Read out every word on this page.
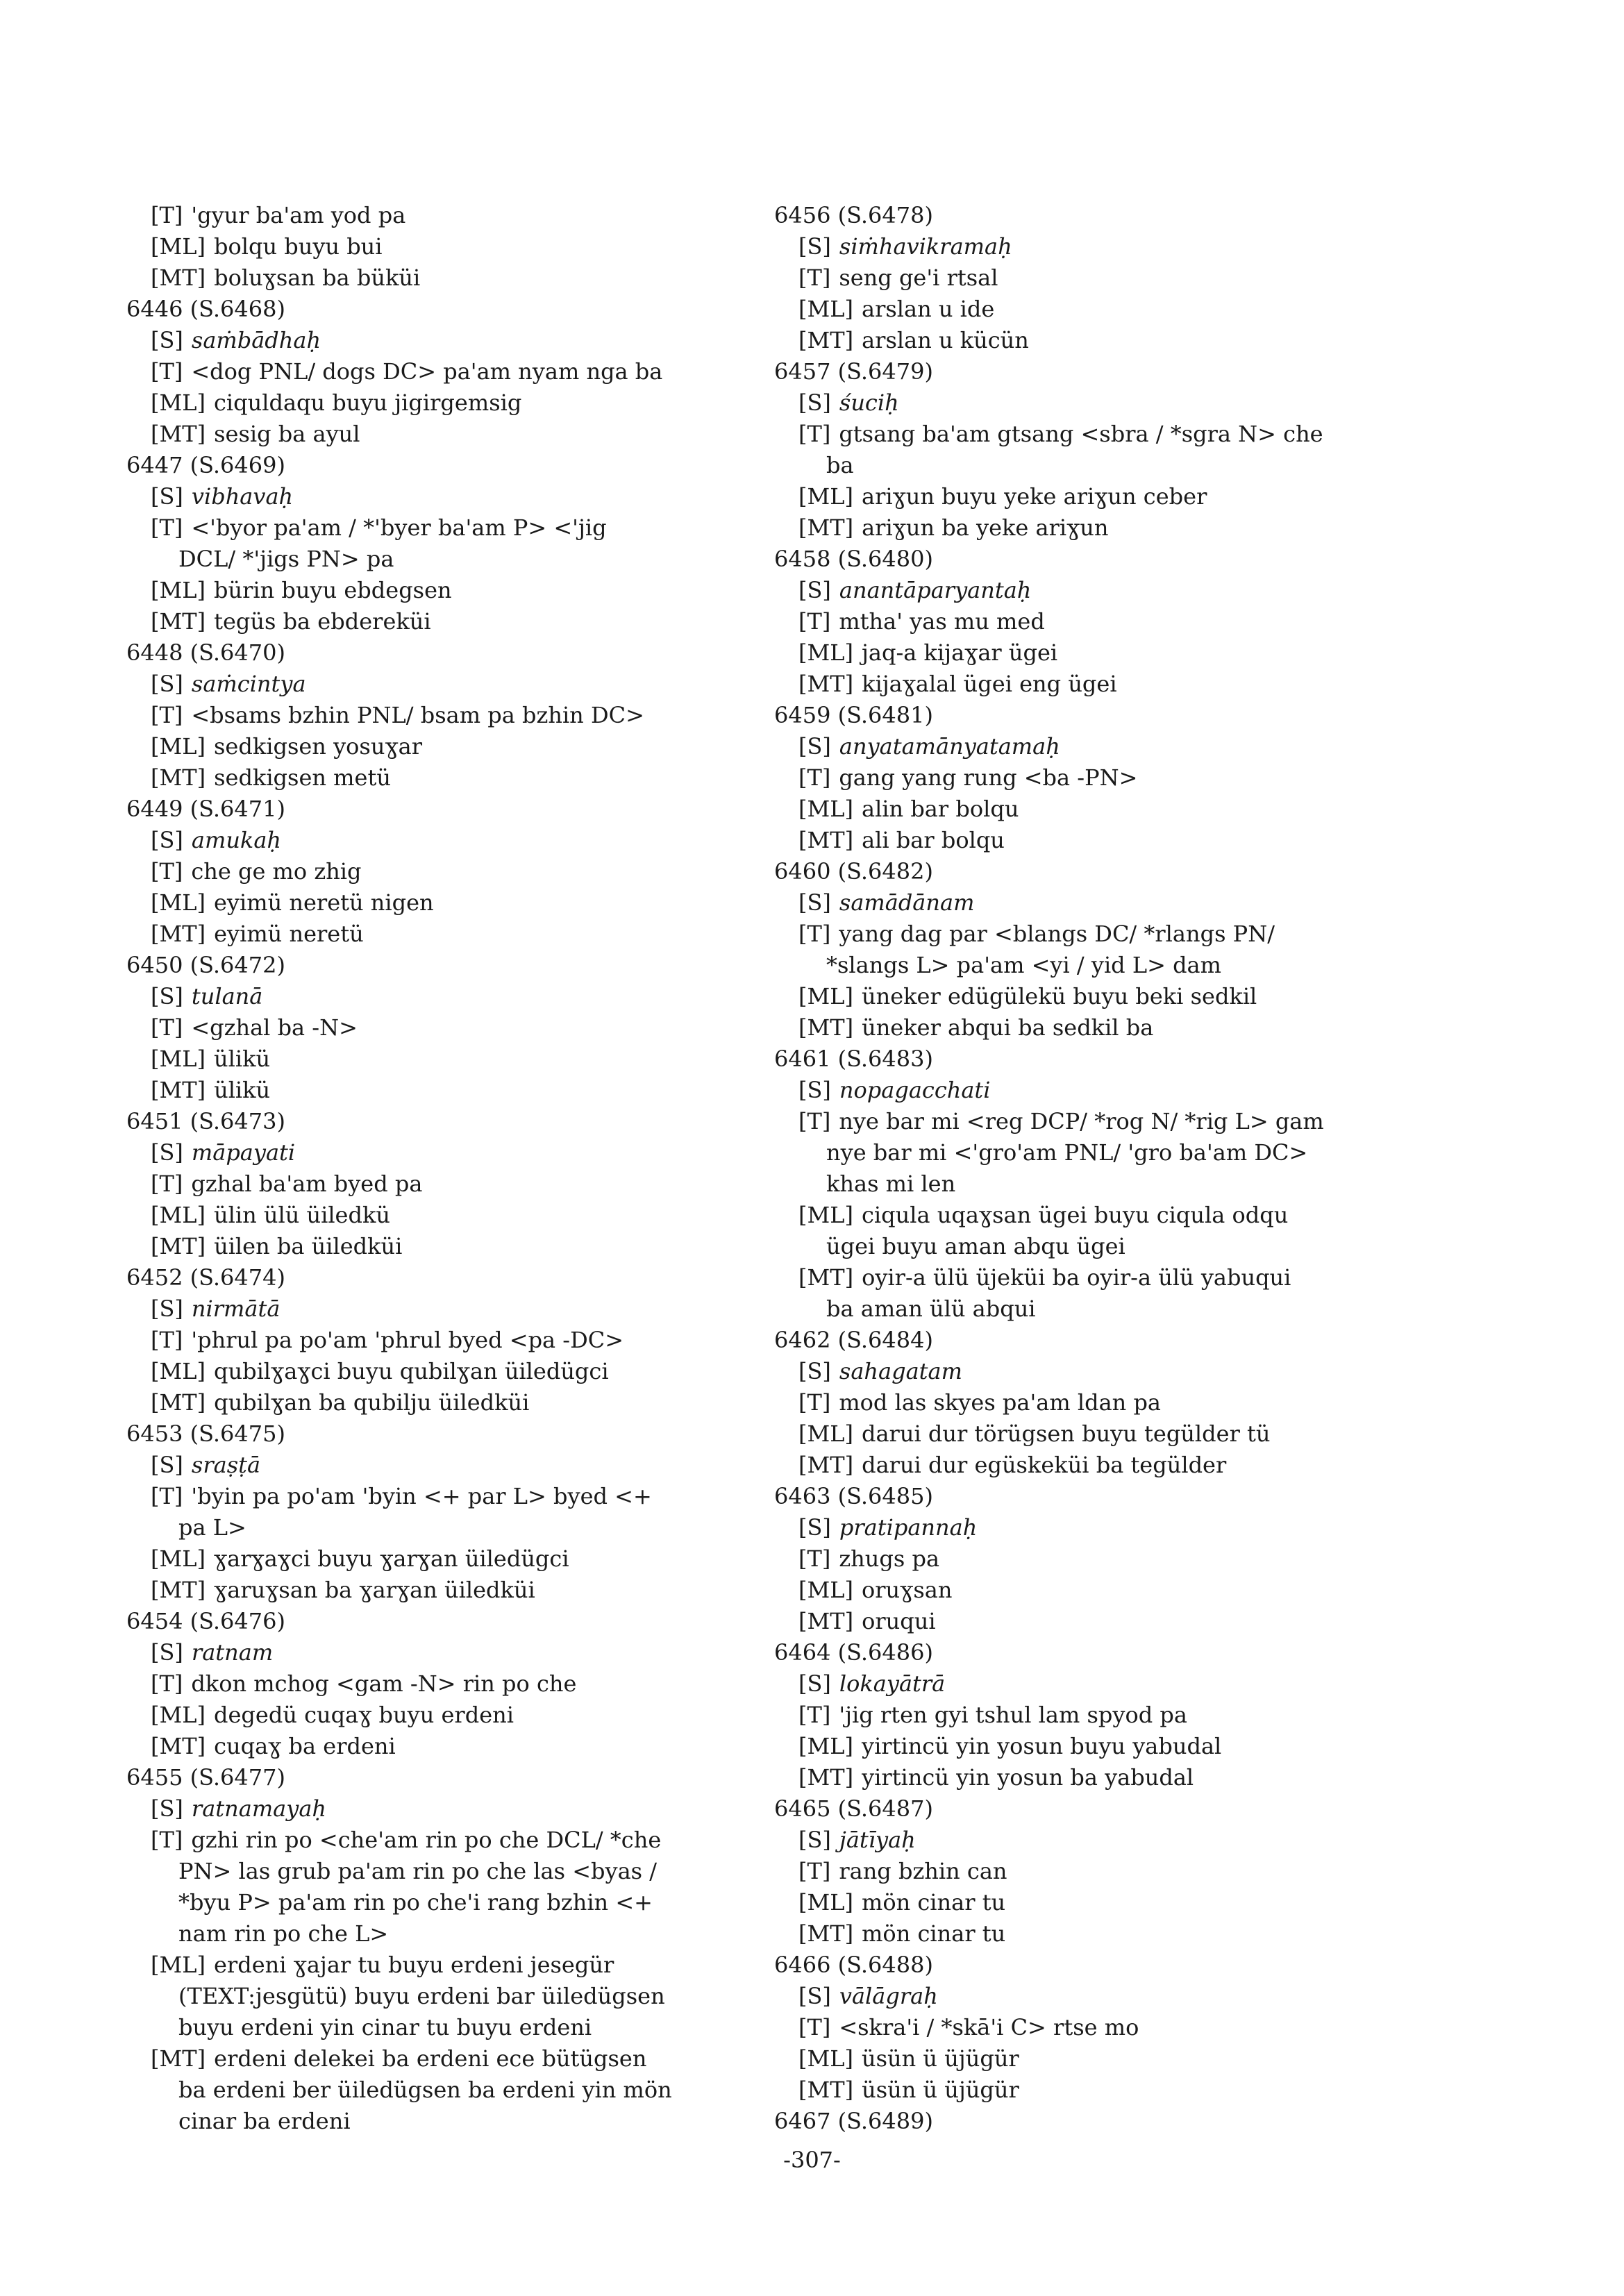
[T] 'gyur ba'am yod pa
[ML] bolqu buyu bui
[MT] boluɣsan ba büküi
6446 (S.6468)
[S] saṁbādhaḥ
[T] <dog PNL/ dogs DC> pa'am nyam nga ba
[ML] ciquldaqu buyu jigirgemsig
[MT] sesig ba ayul
6447 (S.6469)
[S] vibhavaḥ
[T] <'byor pa'am / *'byer ba'am P> <'jig
DCL/ *'jigs PN> pa
[ML] bürin buyu ebdegsen
[MT] tegüs ba ebdereküi
6448 (S.6470)
[S] saṁcintya
[T] <bsams bzhin PNL/ bsam pa bzhin DC>
[ML] sedkigsen yosuɣar
[MT] sedkigsen metü
6449 (S.6471)
[S] amukaḥ
[T] che ge mo zhig
[ML] eyimü neretü nigen
[MT] eyimü neretü
6450 (S.6472)
[S] tulanā
[T] <gzhal ba -N>
[ML] ülikü
[MT] ülikü
6451 (S.6473)
[S] māpayati
[T] gzhal ba'am byed pa
[ML] ülin ülü üiledkü
[MT] üilen ba üiledküi
6452 (S.6474)
[S] nirmātā
[T] 'phrul pa po'am 'phrul byed <pa -DC>
[ML] qubilɣaɣci buyu qubilɣan üiledügci
[MT] qubilɣan ba qubilju üiledküi
6453 (S.6475)
[S] sraṣṭā
[T] 'byin pa po'am 'byin <+ par L> byed <+
pa L>
[ML] ɣarɣaɣci buyu ɣarɣan üiledügci
[MT] ɣaruɣsan ba ɣarɣan üiledküi
6454 (S.6476)
[S] ratnam
[T] dkon mchog <gam -N> rin po che
[ML] degedü cuqaɣ buyu erdeni
[MT] cuqaɣ ba erdeni
6455 (S.6477)
[S] ratnamayaḥ
[T] gzhi rin po <che'am rin po che DCL/ *che
PN> las grub pa'am rin po che las <byas /
*byu P> pa'am rin po che'i rang bzhin <+
nam rin po che L>
[ML] erdeni ɣajar tu buyu erdeni jesegür
(TEXT:jesgütü) buyu erdeni bar üiledügsen
buyu erdeni yin cinar tu buyu erdeni
[MT] erdeni delekei ba erdeni ece bütügsen
ba erdeni ber üiledügsen ba erdeni yin mön
cinar ba erdeni
6456 (S.6478)
[S] siṁhavikramaḥ
[T] seng ge'i rtsal
[ML] arslan u ide
[MT] arslan u kücün
6457 (S.6479)
[S] śuciḥ
[T] gtsang ba'am gtsang <sbra / *sgra N> che
ba
[ML] ariɣun buyu yeke ariɣun ceber
[MT] ariɣun ba yeke ariɣun
6458 (S.6480)
[S] anantāparyantaḥ
[T] mtha' yas mu med
[ML] jaq-a kijaɣar ügei
[MT] kijaɣalal ügei eng ügei
6459 (S.6481)
[S] anyatamānyatamaḥ
[T] gang yang rung <ba -PN>
[ML] alin bar bolqu
[MT] ali bar bolqu
6460 (S.6482)
[S] samādānam
[T] yang dag par <blangs DC/ *rlangs PN/
*slangs L> pa'am <yi / yid L> dam
[ML] üneker edügülekü buyu beki sedkil
[MT] üneker abqui ba sedkil ba
6461 (S.6483)
[S] nopagacchati
[T] nye bar mi <reg DCP/ *rog N/ *rig L> gam
nye bar mi <'gro'am PNL/ 'gro ba'am DC>
khas mi len
[ML] ciqula uqaɣsan ügei buyu ciqula odqu
ügei buyu aman abqu ügei
[MT] oyir-a ülü üjeküi ba oyir-a ülü yabuqui
ba aman ülü abqui
6462 (S.6484)
[S] sahagatam
[T] mod las skyes pa'am ldan pa
[ML] darui dur törügsen buyu tegülder tü
[MT] darui dur egüskeküi ba tegülder
6463 (S.6485)
[S] pratipannaḥ
[T] zhugs pa
[ML] oruɣsan
[MT] oruqui
6464 (S.6486)
[S] lokayātrā
[T] 'jig rten gyi tshul lam spyod pa
[ML] yirtincü yin yosun buyu yabudal
[MT] yirtincü yin yosun ba yabudal
6465 (S.6487)
[S] jātīyaḥ
[T] rang bzhin can
[ML] mön cinar tu
[MT] mön cinar tu
6466 (S.6488)
[S] vālāgraḥ
[T] <skra'i / *skā'i C> rtse mo
[ML] üsün ü üjügür
[MT] üsün ü üjügür
6467 (S.6489)
-307-
